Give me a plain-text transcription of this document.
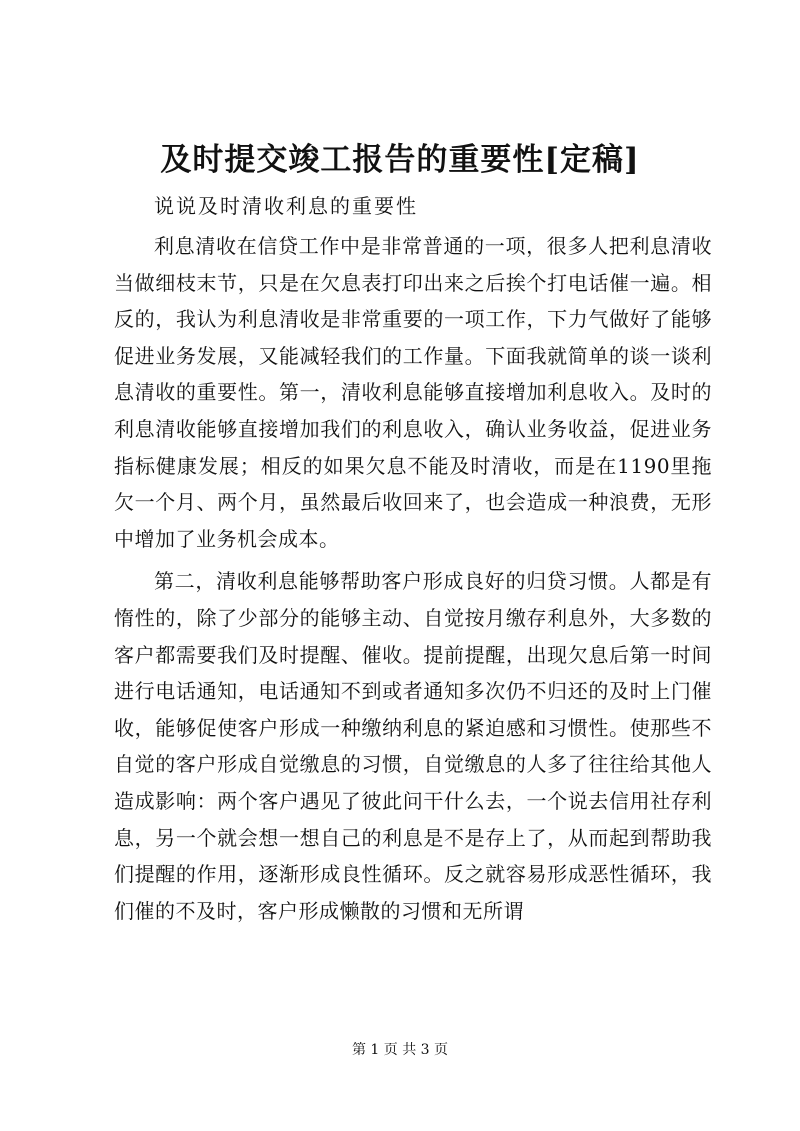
及时提交竣工报告的重要性[定稿]

说说及时清收利息的重要性

利息清收在信贷工作中是非常普通的一项，很多人把利息清收当做细枝末节，只是在欠息表打印出来之后挨个打电话催一遍。相反的，我认为利息清收是非常重要的一项工作，下力气做好了能够促进业务发展，又能减轻我们的工作量。下面我就简单的谈一谈利息清收的重要性。第一，清收利息能够直接增加利息收入。及时的利息清收能够直接增加我们的利息收入，确认业务收益，促进业务指标健康发展；相反的如果欠息不能及时清收，而是在1190里拖欠一个月、两个月，虽然最后收回来了，也会造成一种浪费，无形中增加了业务机会成本。

第二，清收利息能够帮助客户形成良好的归贷习惯。人都是有惰性的，除了少部分的能够主动、自觉按月缴存利息外，大多数的客户都需要我们及时提醒、催收。提前提醒，出现欠息后第一时间进行电话通知，电话通知不到或者通知多次仍不归还的及时上门催收，能够促使客户形成一种缴纳利息的紧迫感和习惯性。使那些不自觉的客户形成自觉缴息的习惯，自觉缴息的人多了往往给其他人造成影响：两个客户遇见了彼此问干什么去，一个说去信用社存利息，另一个就会想一想自己的利息是不是存上了，从而起到帮助我们提醒的作用，逐渐形成良性循环。反之就容易形成恶性循环，我们催的不及时，客户形成懒散的习惯和无所谓

第 1 页 共 3 页
